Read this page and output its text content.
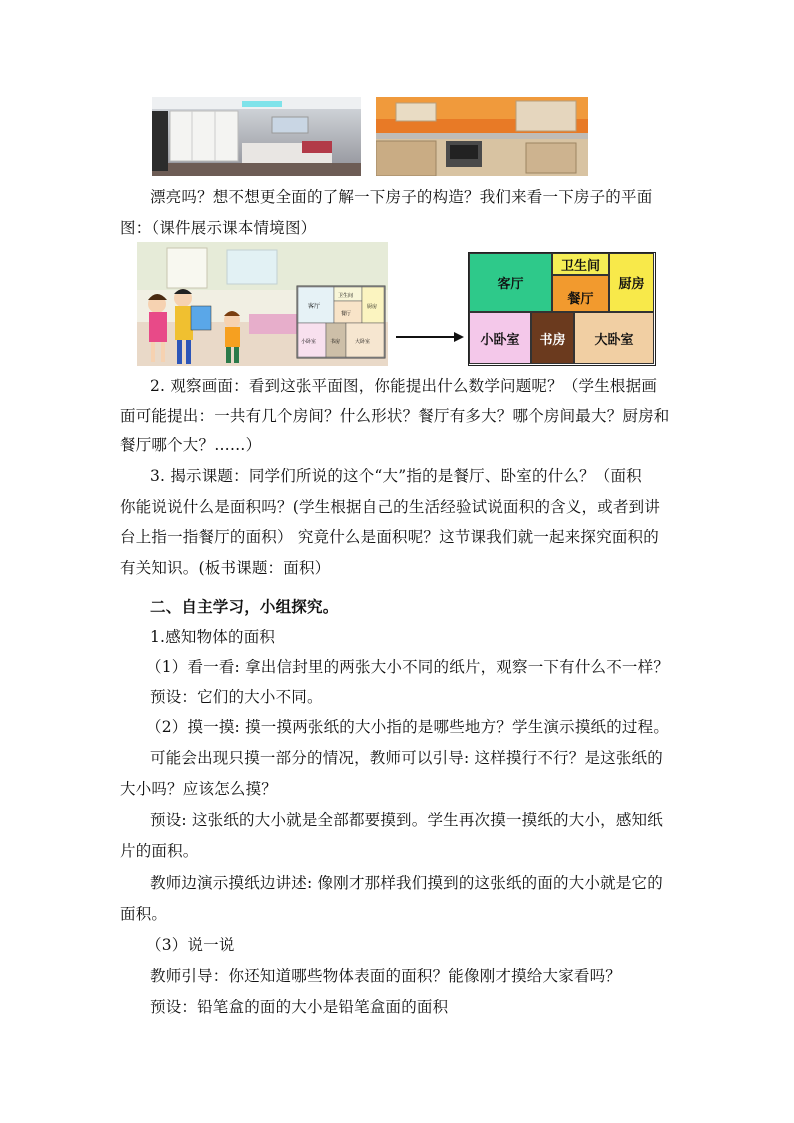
漂亮吗？想不想更全面的了解一下房子的构造？我们来看一下房子的平面
图：（课件展示课本情境图）
客厅
卫生间
餐厅
厨房
小卧室	书房	大卧室
客厅
卫生间
餐厅
厨房
小卧室 书房 大卧室
2. 观察画面：看到这张平面图，你能提出什么数学问题呢？（学生根据画
面可能提出：一共有几个房间？什么形状？餐厅有多大？哪个房间最大？厨房和
餐厅哪个大？……）
3. 揭示课题：同学们所说的这个“大”指的是餐厅、卧室的什么？（面积
你能说说什么是面积吗？(学生根据自己的生活经验试说面积的含义，或者到讲
台上指一指餐厅的面积） 究竟什么是面积呢？这节课我们就一起来探究面积的
有关知识。(板书课题：面积）
二、自主学习，小组探究。
1.感知物体的面积
（1）看一看: 拿出信封里的两张大小不同的纸片，观察一下有什么不一样？
预设：它们的大小不同。
（2）摸一摸: 摸一摸两张纸的大小指的是哪些地方？学生演示摸纸的过程。
可能会出现只摸一部分的情况，教师可以引导: 这样摸行不行？是这张纸的
大小吗？应该怎么摸？
预设: 这张纸的大小就是全部都要摸到。学生再次摸一摸纸的大小，感知纸
片的面积。
教师边演示摸纸边讲述: 像刚才那样我们摸到的这张纸的面的大小就是它的
面积。
（3）说一说
教师引导：你还知道哪些物体表面的面积？能像刚才摸给大家看吗？
预设：铅笔盒的面的大小是铅笔盒面的面积
